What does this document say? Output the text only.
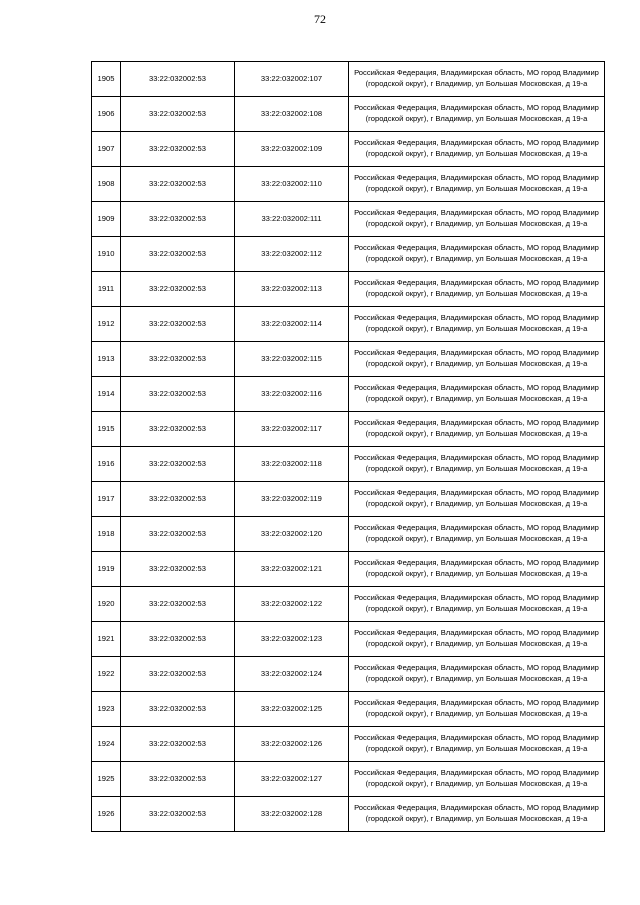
72
1905	33:22:032002:53	33:22:032002:107	Российская Федерация, Владимирская область, МО город Владимир (городской округ), г Владимир, ул Большая Московская, д 19-а
1906	33:22:032002:53	33:22:032002:108	Российская Федерация, Владимирская область, МО город Владимир (городской округ), г Владимир, ул Большая Московская, д 19-а
1907	33:22:032002:53	33:22:032002:109	Российская Федерация, Владимирская область, МО город Владимир (городской округ), г Владимир, ул Большая Московская, д 19-а
1908	33:22:032002:53	33:22:032002:110	Российская Федерация, Владимирская область, МО город Владимир (городской округ), г Владимир, ул Большая Московская, д 19-а
1909	33:22:032002:53	33:22:032002:111	Российская Федерация, Владимирская область, МО город Владимир (городской округ), г Владимир, ул Большая Московская, д 19-а
1910	33:22:032002:53	33:22:032002:112	Российская Федерация, Владимирская область, МО город Владимир (городской округ), г Владимир, ул Большая Московская, д 19-а
1911	33:22:032002:53	33:22:032002:113	Российская Федерация, Владимирская область, МО город Владимир (городской округ), г Владимир, ул Большая Московская, д 19-а
1912	33:22:032002:53	33:22:032002:114	Российская Федерация, Владимирская область, МО город Владимир (городской округ), г Владимир, ул Большая Московская, д 19-а
1913	33:22:032002:53	33:22:032002:115	Российская Федерация, Владимирская область, МО город Владимир (городской округ), г Владимир, ул Большая Московская, д 19-а
1914	33:22:032002:53	33:22:032002:116	Российская Федерация, Владимирская область, МО город Владимир (городской округ), г Владимир, ул Большая Московская, д 19-а
1915	33:22:032002:53	33:22:032002:117	Российская Федерация, Владимирская область, МО город Владимир (городской округ), г Владимир, ул Большая Московская, д 19-а
1916	33:22:032002:53	33:22:032002:118	Российская Федерация, Владимирская область, МО город Владимир (городской округ), г Владимир, ул Большая Московская, д 19-а
1917	33:22:032002:53	33:22:032002:119	Российская Федерация, Владимирская область, МО город Владимир (городской округ), г Владимир, ул Большая Московская, д 19-а
1918	33:22:032002:53	33:22:032002:120	Российская Федерация, Владимирская область, МО город Владимир (городской округ), г Владимир, ул Большая Московская, д 19-а
1919	33:22:032002:53	33:22:032002:121	Российская Федерация, Владимирская область, МО город Владимир (городской округ), г Владимир, ул Большая Московская, д 19-а
1920	33:22:032002:53	33:22:032002:122	Российская Федерация, Владимирская область, МО город Владимир (городской округ), г Владимир, ул Большая Московская, д 19-а
1921	33:22:032002:53	33:22:032002:123	Российская Федерация, Владимирская область, МО город Владимир (городской округ), г Владимир, ул Большая Московская, д 19-а
1922	33:22:032002:53	33:22:032002:124	Российская Федерация, Владимирская область, МО город Владимир (городской округ), г Владимир, ул Большая Московская, д 19-а
1923	33:22:032002:53	33:22:032002:125	Российская Федерация, Владимирская область, МО город Владимир (городской округ), г Владимир, ул Большая Московская, д 19-а
1924	33:22:032002:53	33:22:032002:126	Российская Федерация, Владимирская область, МО город Владимир (городской округ), г Владимир, ул Большая Московская, д 19-а
1925	33:22:032002:53	33:22:032002:127	Российская Федерация, Владимирская область, МО город Владимир (городской округ), г Владимир, ул Большая Московская, д 19-а
1926	33:22:032002:53	33:22:032002:128	Российская Федерация, Владимирская область, МО город Владимир (городской округ), г Владимир, ул Большая Московская, д 19-а
